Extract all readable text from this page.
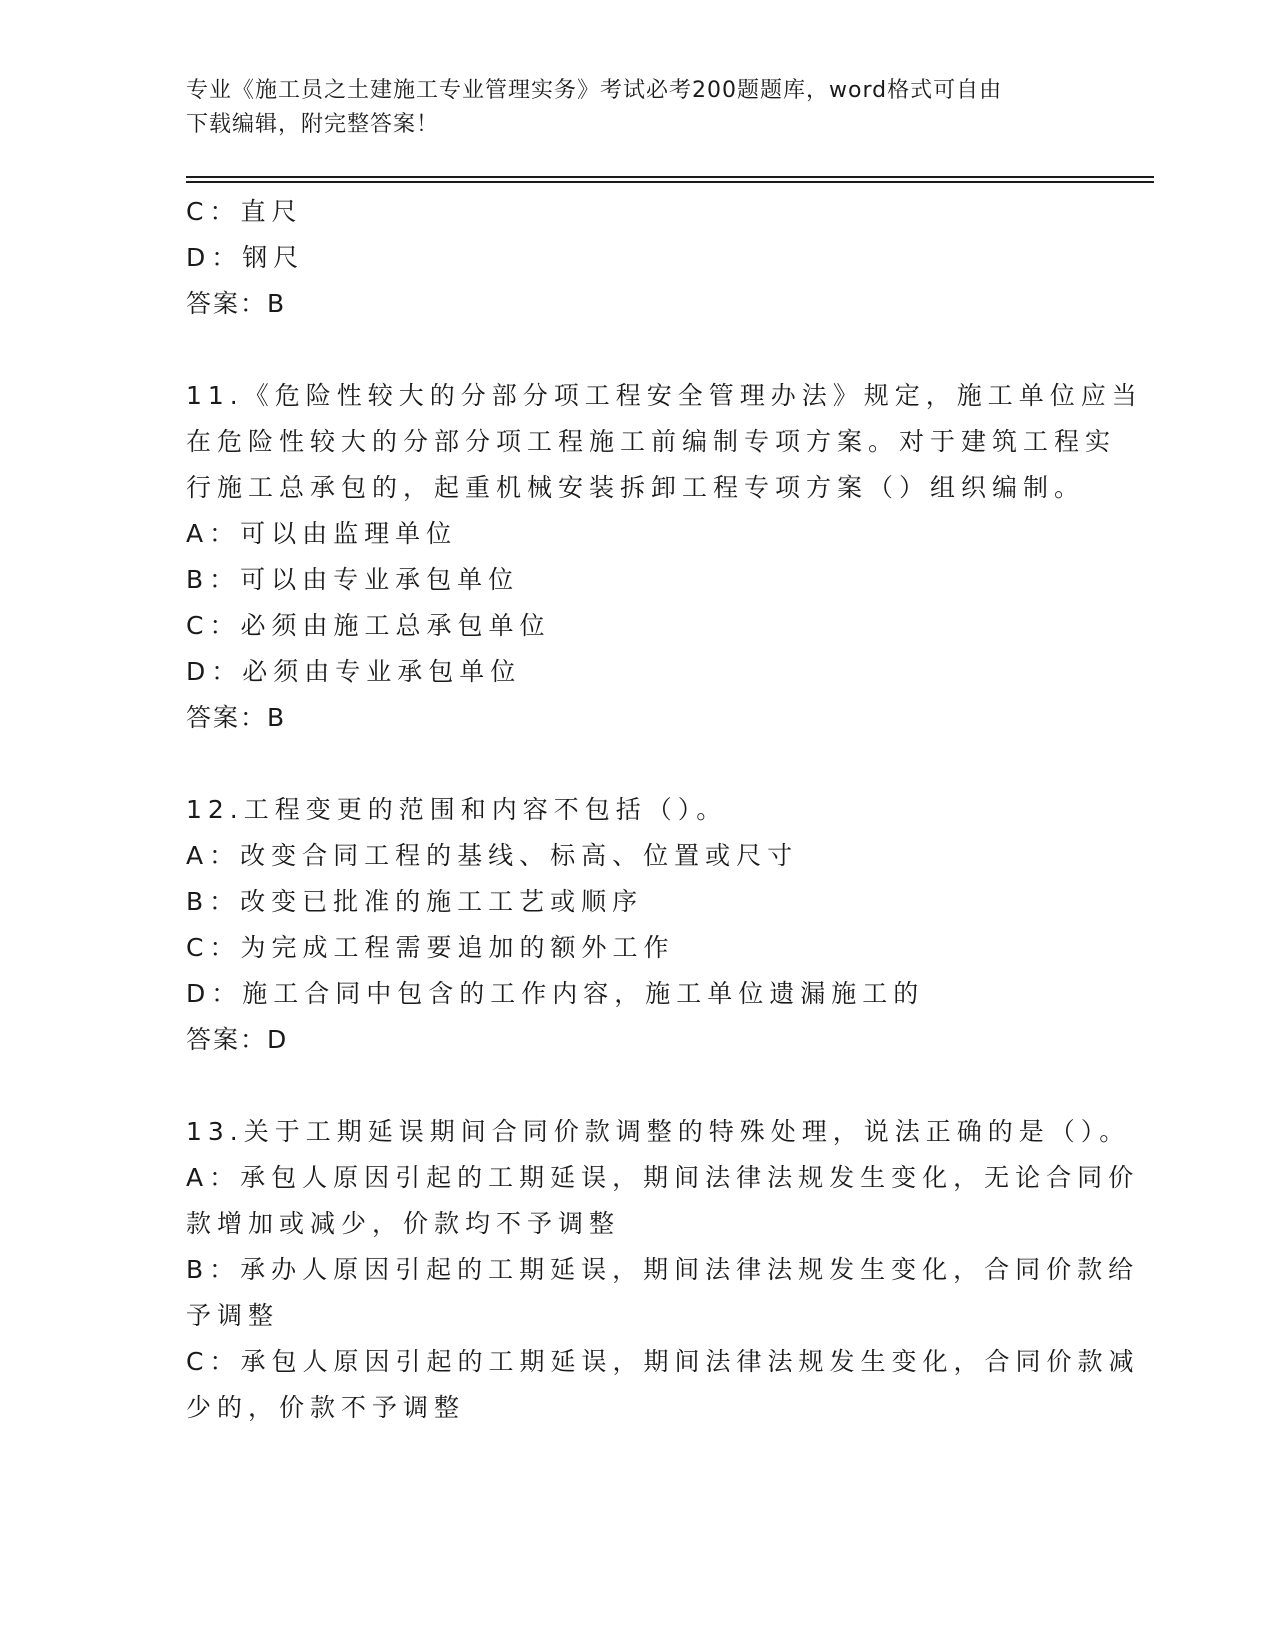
专业《施工员之土建施工专业管理实务》考试必考200题题库，word格式可自由
下载编辑，附完整答案！
C：直尺
D：钢尺
答案：B
11.《危险性较大的分部分项工程安全管理办法》规定，施工单位应当
在危险性较大的分部分项工程施工前编制专项方案。对于建筑工程实
行施工总承包的，起重机械安装拆卸工程专项方案（）组织编制。
A：可以由监理单位
B：可以由专业承包单位
C：必须由施工总承包单位
D：必须由专业承包单位
答案：B
12.工程变更的范围和内容不包括（）。
A：改变合同工程的基线、标高、位置或尺寸
B：改变已批准的施工工艺或顺序
C：为完成工程需要追加的额外工作
D：施工合同中包含的工作内容，施工单位遗漏施工的
答案：D
13.关于工期延误期间合同价款调整的特殊处理，说法正确的是（）。
A：承包人原因引起的工期延误，期间法律法规发生变化，无论合同价
款增加或减少，价款均不予调整
B：承办人原因引起的工期延误，期间法律法规发生变化，合同价款给
予调整
C：承包人原因引起的工期延误，期间法律法规发生变化，合同价款减
少的，价款不予调整
